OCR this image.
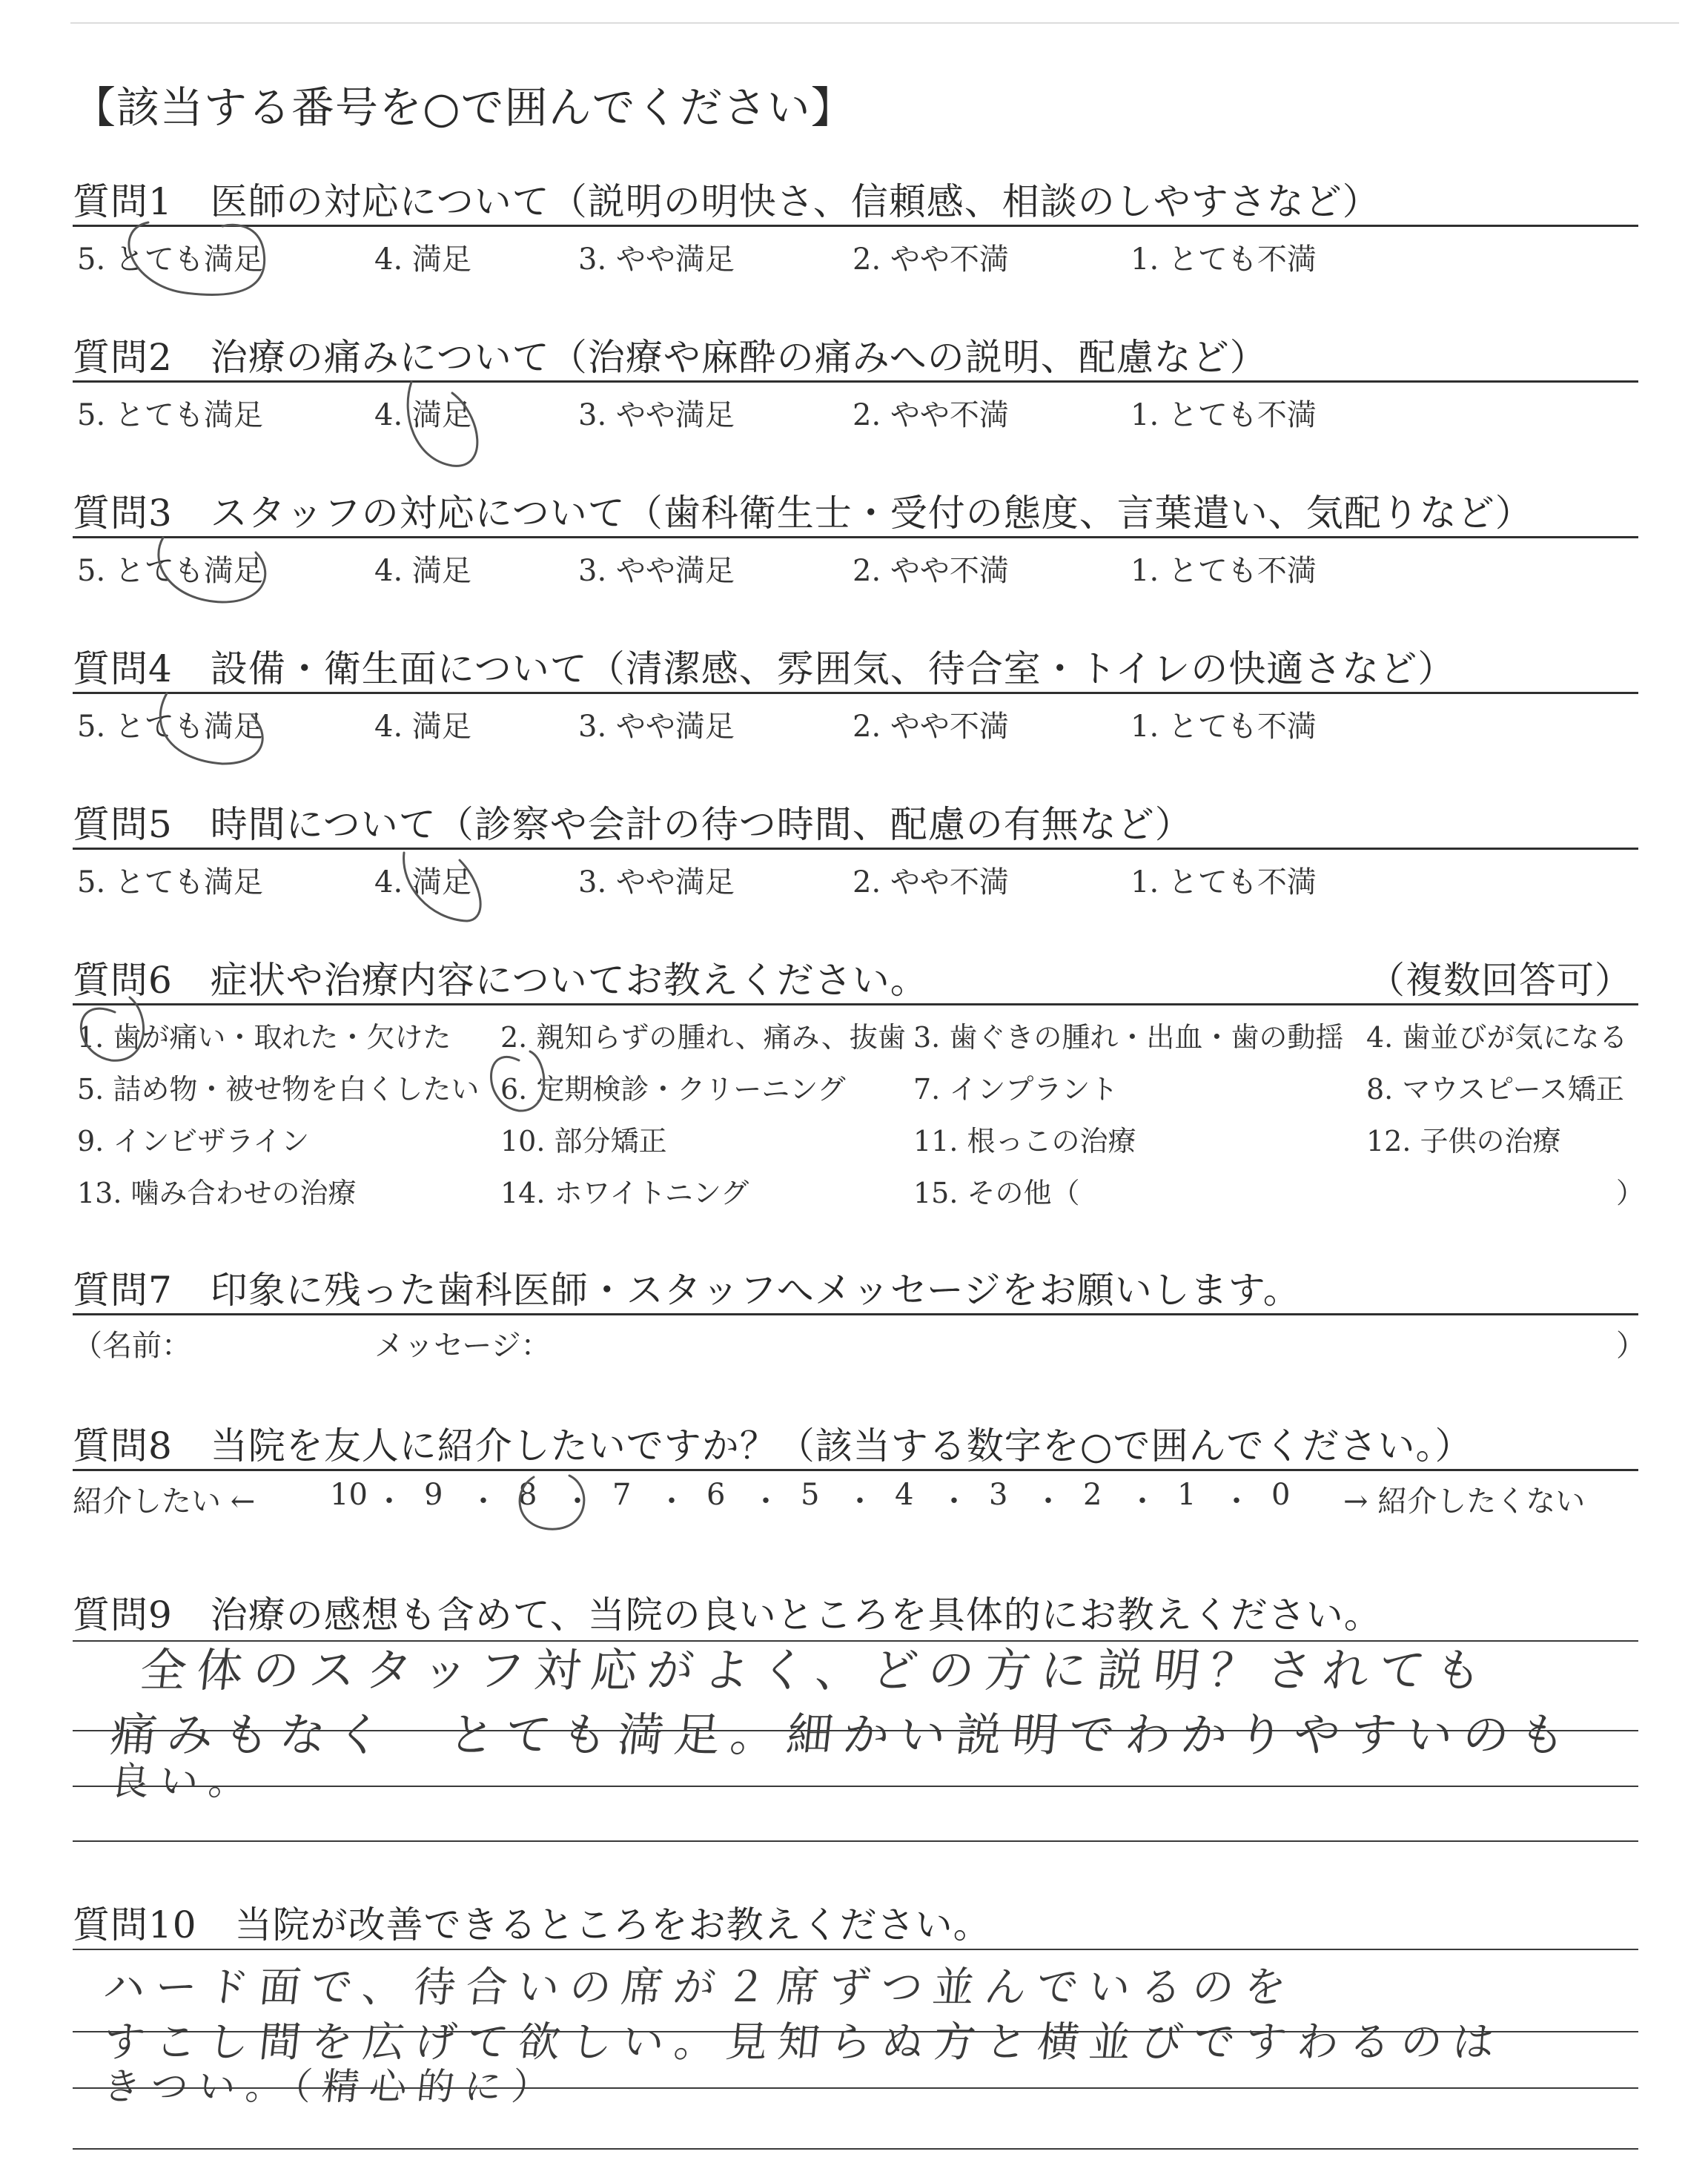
【該当する番号を○で囲んでください】
質問1　医師の対応について（説明の明快さ、信頼感、相談のしやすさなど）
5. とても満足	4. 満足	3. やや満足	2. やや不満	1. とても不満
質問2　治療の痛みについて（治療や麻酔の痛みへの説明、配慮など）
5. とても満足	4. 満足	3. やや満足	2. やや不満	1. とても不満
質問3　スタッフの対応について（歯科衛生士・受付の態度、言葉遣い、気配りなど）
5. とても満足	4. 満足	3. やや満足	2. やや不満	1. とても不満
質問4　設備・衛生面について（清潔感、雰囲気、待合室・トイレの快適さなど）
5. とても満足	4. 満足	3. やや満足	2. やや不満	1. とても不満
質問5　時間について（診察や会計の待つ時間、配慮の有無など）
5. とても満足	4. 満足	3. やや満足	2. やや不満	1. とても不満
質問6　症状や治療内容についてお教えください。	（複数回答可）
1. 歯が痛い・取れた・欠けた 2. 親知らずの腫れ、痛み、抜歯 3. 歯ぐきの腫れ・出血・歯の動揺 4. 歯並びが気になる
5. 詰め物・被せ物を白くしたい 6. 定期検診・クリーニング 7. インプラント	8. マウスピース矯正
9. インビザライン	10. 部分矯正	11. 根っこの治療	12. 子供の治療
13. 噛み合わせの治療	14. ホワイトニング	15. その他（	）
質問7　印象に残った歯科医師・スタッフへメッセージをお願いします。
（名前：	メッセージ：	）
質問8　当院を友人に紹介したいですか？（該当する数字を○で囲んでください。）
紹介したい ←	→ 紹介したくない
10 ・ 9 ・ 8 ・ 7 ・ 6 ・ 5 ・ 4 ・ 3 ・ 2 ・ 1 ・ 0
質問9　治療の感想も含めて、当院の良いところを具体的にお教えください。
全体のスタッフ対応がよく、どの方に説明？されても
痛みもなく　とても満足。細かい説明でわかりやすいのも
良い。
質問10　当院が改善できるところをお教えください。
ハード面で、待合いの席が２席ずつ並んでいるのを
すこし間を広げて欲しい。見知らぬ方と横並びですわるのは
きつい。（精心的に）
